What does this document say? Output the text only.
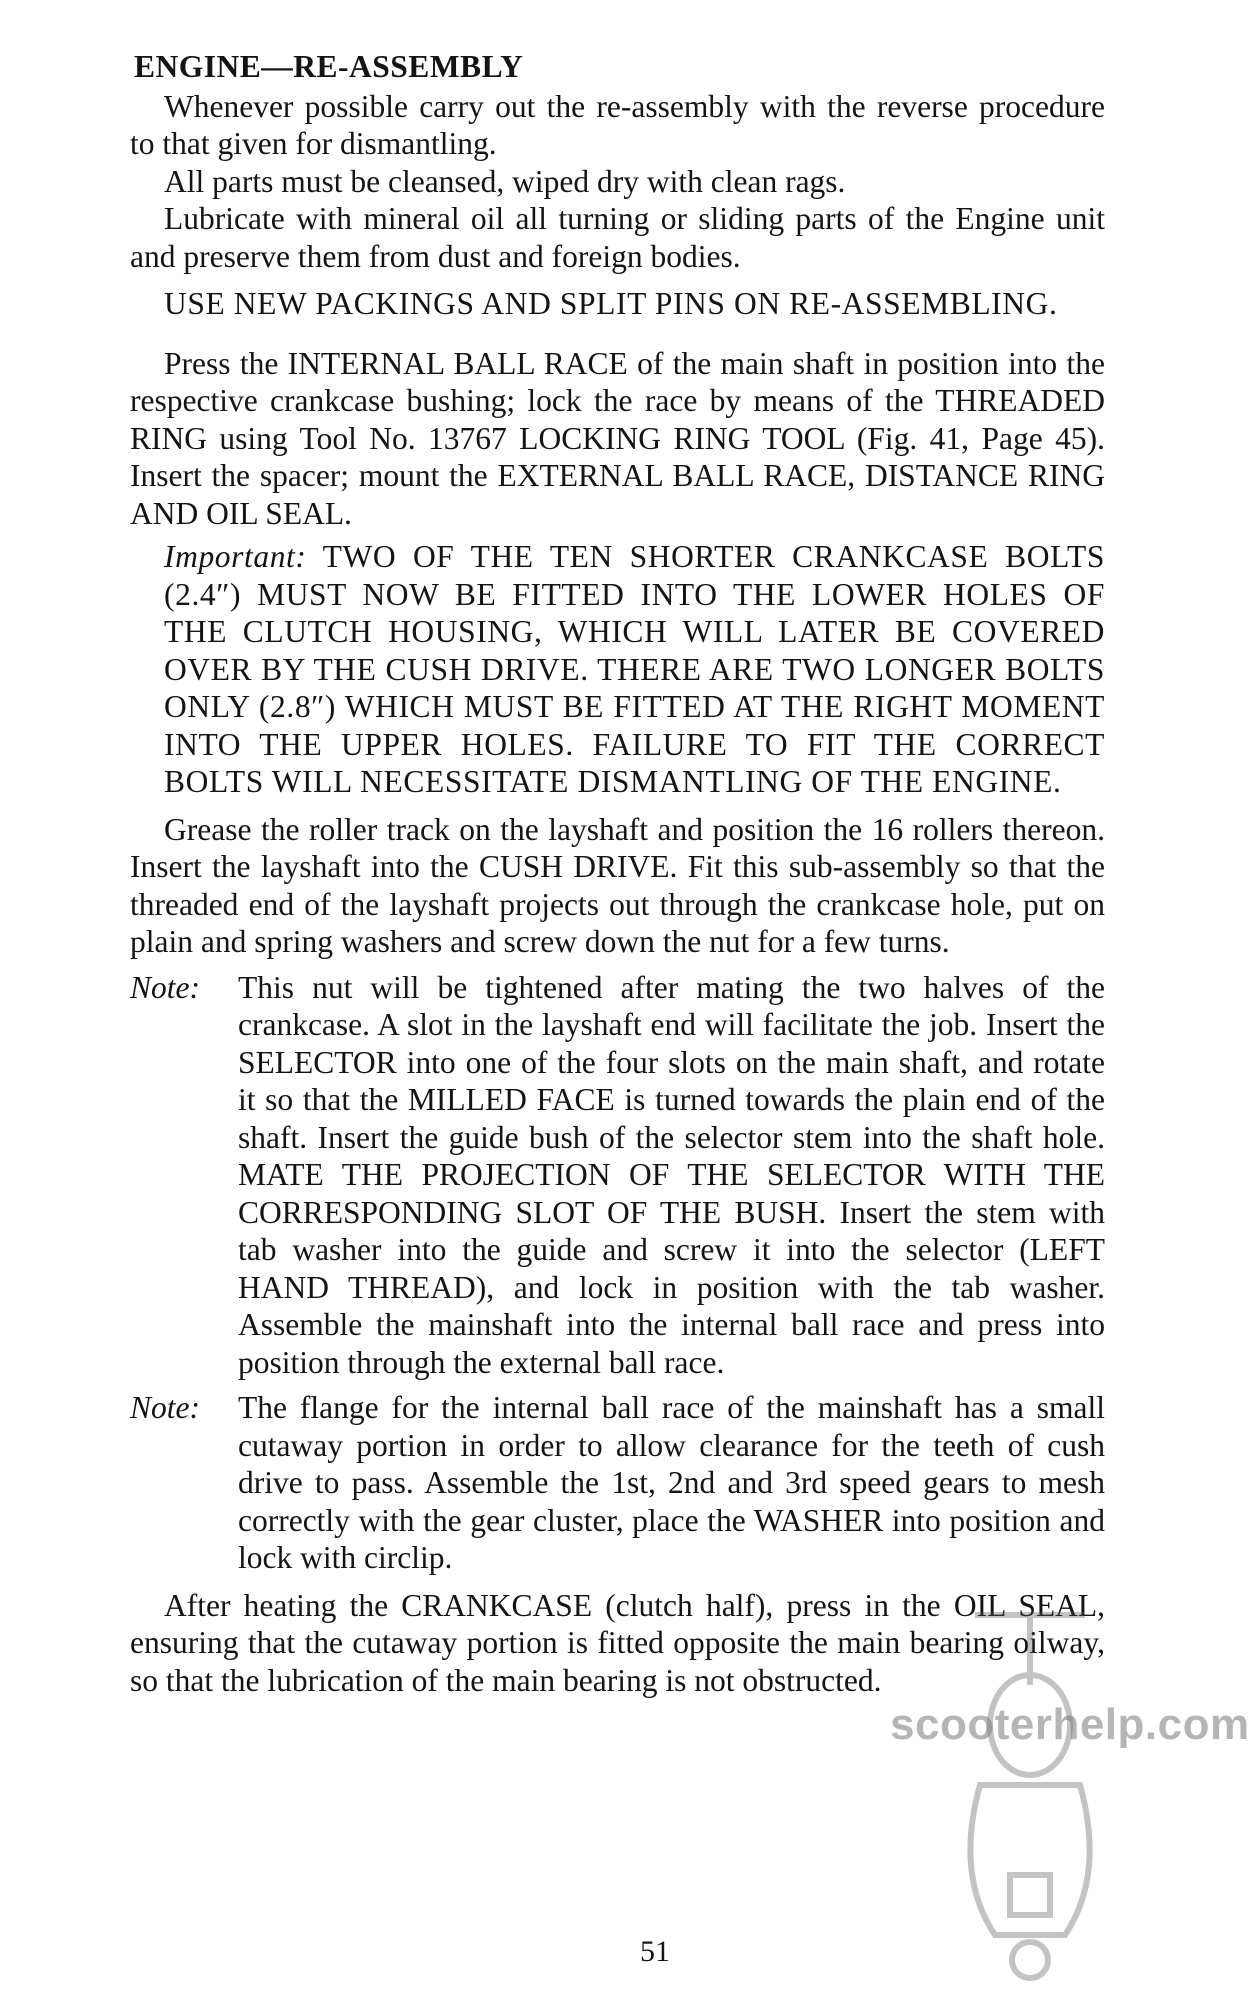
ENGINE—RE-ASSEMBLY

Whenever possible carry out the re-assembly with the reverse procedure to that given for dismantling.

All parts must be cleansed, wiped dry with clean rags.

Lubricate with mineral oil all turning or sliding parts of the Engine unit and preserve them from dust and foreign bodies.

USE NEW PACKINGS AND SPLIT PINS ON RE-ASSEMBLING.

Press the INTERNAL BALL RACE of the main shaft in position into the respective crankcase bushing; lock the race by means of the THREADED RING using Tool No. 13767 LOCKING RING TOOL (Fig. 41, Page 45). Insert the spacer; mount the EXTERNAL BALL RACE, DISTANCE RING AND OIL SEAL.

Important: TWO OF THE TEN SHORTER CRANKCASE BOLTS (2.4″) MUST NOW BE FITTED INTO THE LOWER HOLES OF THE CLUTCH HOUSING, WHICH WILL LATER BE COVERED OVER BY THE CUSH DRIVE. THERE ARE TWO LONGER BOLTS ONLY (2.8″) WHICH MUST BE FITTED AT THE RIGHT MOMENT INTO THE UPPER HOLES. FAILURE TO FIT THE CORRECT BOLTS WILL NECESSITATE DISMANTLING OF THE ENGINE.

Grease the roller track on the layshaft and position the 16 rollers thereon. Insert the layshaft into the CUSH DRIVE. Fit this sub-assembly so that the threaded end of the layshaft projects out through the crankcase hole, put on plain and spring washers and screw down the nut for a few turns.

Note:	This nut will be tightened after mating the two halves of the crankcase. A slot in the layshaft end will facilitate the job. Insert the SELECTOR into one of the four slots on the main shaft, and rotate it so that the MILLED FACE is turned towards the plain end of the shaft. Insert the guide bush of the selector stem into the shaft hole. MATE THE PROJECTION OF THE SELECTOR WITH THE CORRESPONDING SLOT OF THE BUSH. Insert the stem with tab washer into the guide and screw it into the selector (LEFT HAND THREAD), and lock in position with the tab washer. Assemble the mainshaft into the internal ball race and press into position through the external ball race.
Note:	The flange for the internal ball race of the mainshaft has a small cutaway portion in order to allow clearance for the teeth of cush drive to pass. Assemble the 1st, 2nd and 3rd speed gears to mesh correctly with the gear cluster, place the WASHER into position and lock with circlip.

After heating the CRANKCASE (clutch half), press in the OIL SEAL, ensuring that the cutaway portion is fitted opposite the main bearing oilway, so that the lubrication of the main bearing is not obstructed.

51
scooterhelp.com
